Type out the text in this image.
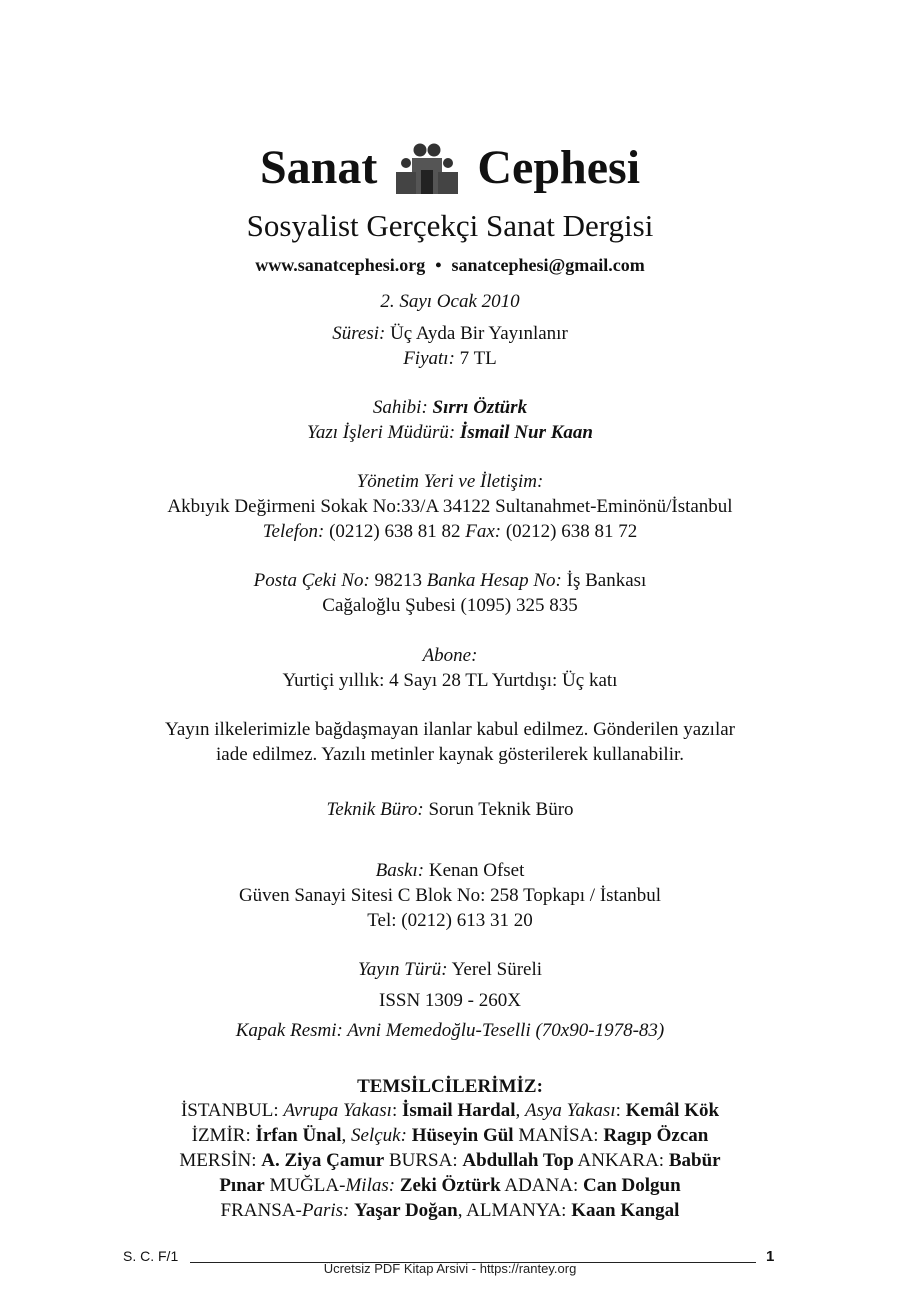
Sanat Cephesi
Sosyalist Gerçekçi Sanat Dergisi
www.sanatcephesi.org • sanatcephesi@gmail.com
2. Sayı Ocak 2010
Süresi: Üç Ayda Bir Yayınlanır
Fiyatı: 7 TL
Sahibi: Sırrı Öztürk
Yazı İşleri Müdürü: İsmail Nur Kaan
Yönetim Yeri ve İletişim:
Akbıyık Değirmeni Sokak No:33/A 34122 Sultanahmet-Eminönü/İstanbul
Telefon: (0212) 638 81 82 Fax: (0212) 638 81 72
Posta Çeki No: 98213 Banka Hesap No: İş Bankası
Cağaloğlu Şubesi (1095) 325 835
Abone:
Yurtiçi yıllık: 4 Sayı 28 TL Yurtdışı: Üç katı
Yayın ilkelerimizle bağdaşmayan ilanlar kabul edilmez. Gönderilen yazılar
iade edilmez. Yazılı metinler kaynak gösterilerek kullanabilir.
Teknik Büro: Sorun Teknik Büro
Baskı: Kenan Ofset
Güven Sanayi Sitesi C Blok No: 258 Topkapı / İstanbul
Tel: (0212) 613 31 20
Yayın Türü: Yerel Süreli
ISSN 1309 - 260X
Kapak Resmi: Avni Memedoğlu-Teselli (70x90-1978-83)
TEMSİLCİLERİMİZ:
İSTANBUL: Avrupa Yakası: İsmail Hardal, Asya Yakası: Kemâl Kök
İZMİR: İrfan Ünal, Selçuk: Hüseyin Gül MANİSA: Ragıp Özcan
MERSİN: A. Ziya Çamur BURSA: Abdullah Top ANKARA: Babür
Pınar MUĞLA-Milas: Zeki Öztürk ADANA: Can Dolgun
FRANSA-Paris: Yaşar Doğan, ALMANYA: Kaan Kangal
S. C. F/1	1
Ücretsiz PDF Kitap Arsivi - https://rantey.org
